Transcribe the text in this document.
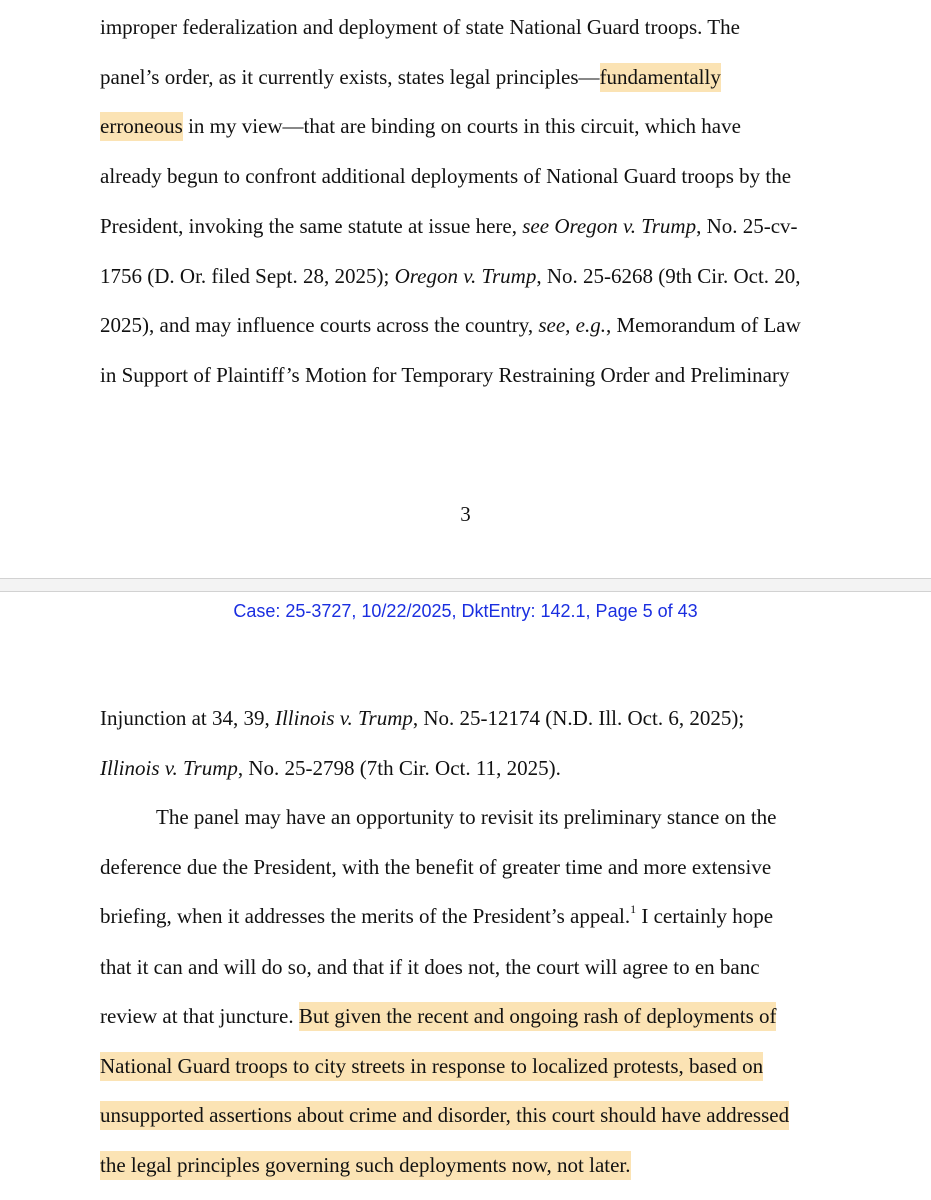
improper federalization and deployment of state National Guard troops. The
panel’s order, as it currently exists, states legal principles—fundamentally
erroneous in my view—that are binding on courts in this circuit, which have
already begun to confront additional deployments of National Guard troops by the
President, invoking the same statute at issue here, see Oregon v. Trump, No. 25-cv-
1756 (D. Or. filed Sept. 28, 2025); Oregon v. Trump, No. 25-6268 (9th Cir. Oct. 20,
2025), and may influence courts across the country, see, e.g., Memorandum of Law
in Support of Plaintiff’s Motion for Temporary Restraining Order and Preliminary
3
Case: 25-3727, 10/22/2025, DktEntry: 142.1, Page 5 of 43
Injunction at 34, 39, Illinois v. Trump, No. 25-12174 (N.D. Ill. Oct. 6, 2025);
Illinois v. Trump, No. 25-2798 (7th Cir. Oct. 11, 2025).
The panel may have an opportunity to revisit its preliminary stance on the
deference due the President, with the benefit of greater time and more extensive
briefing, when it addresses the merits of the President’s appeal.$^1$ I certainly hope
that it can and will do so, and that if it does not, the court will agree to en banc
review at that juncture. But given the recent and ongoing rash of deployments of
National Guard troops to city streets in response to localized protests, based on
unsupported assertions about crime and disorder, this court should have addressed
the legal principles governing such deployments now, not later.
